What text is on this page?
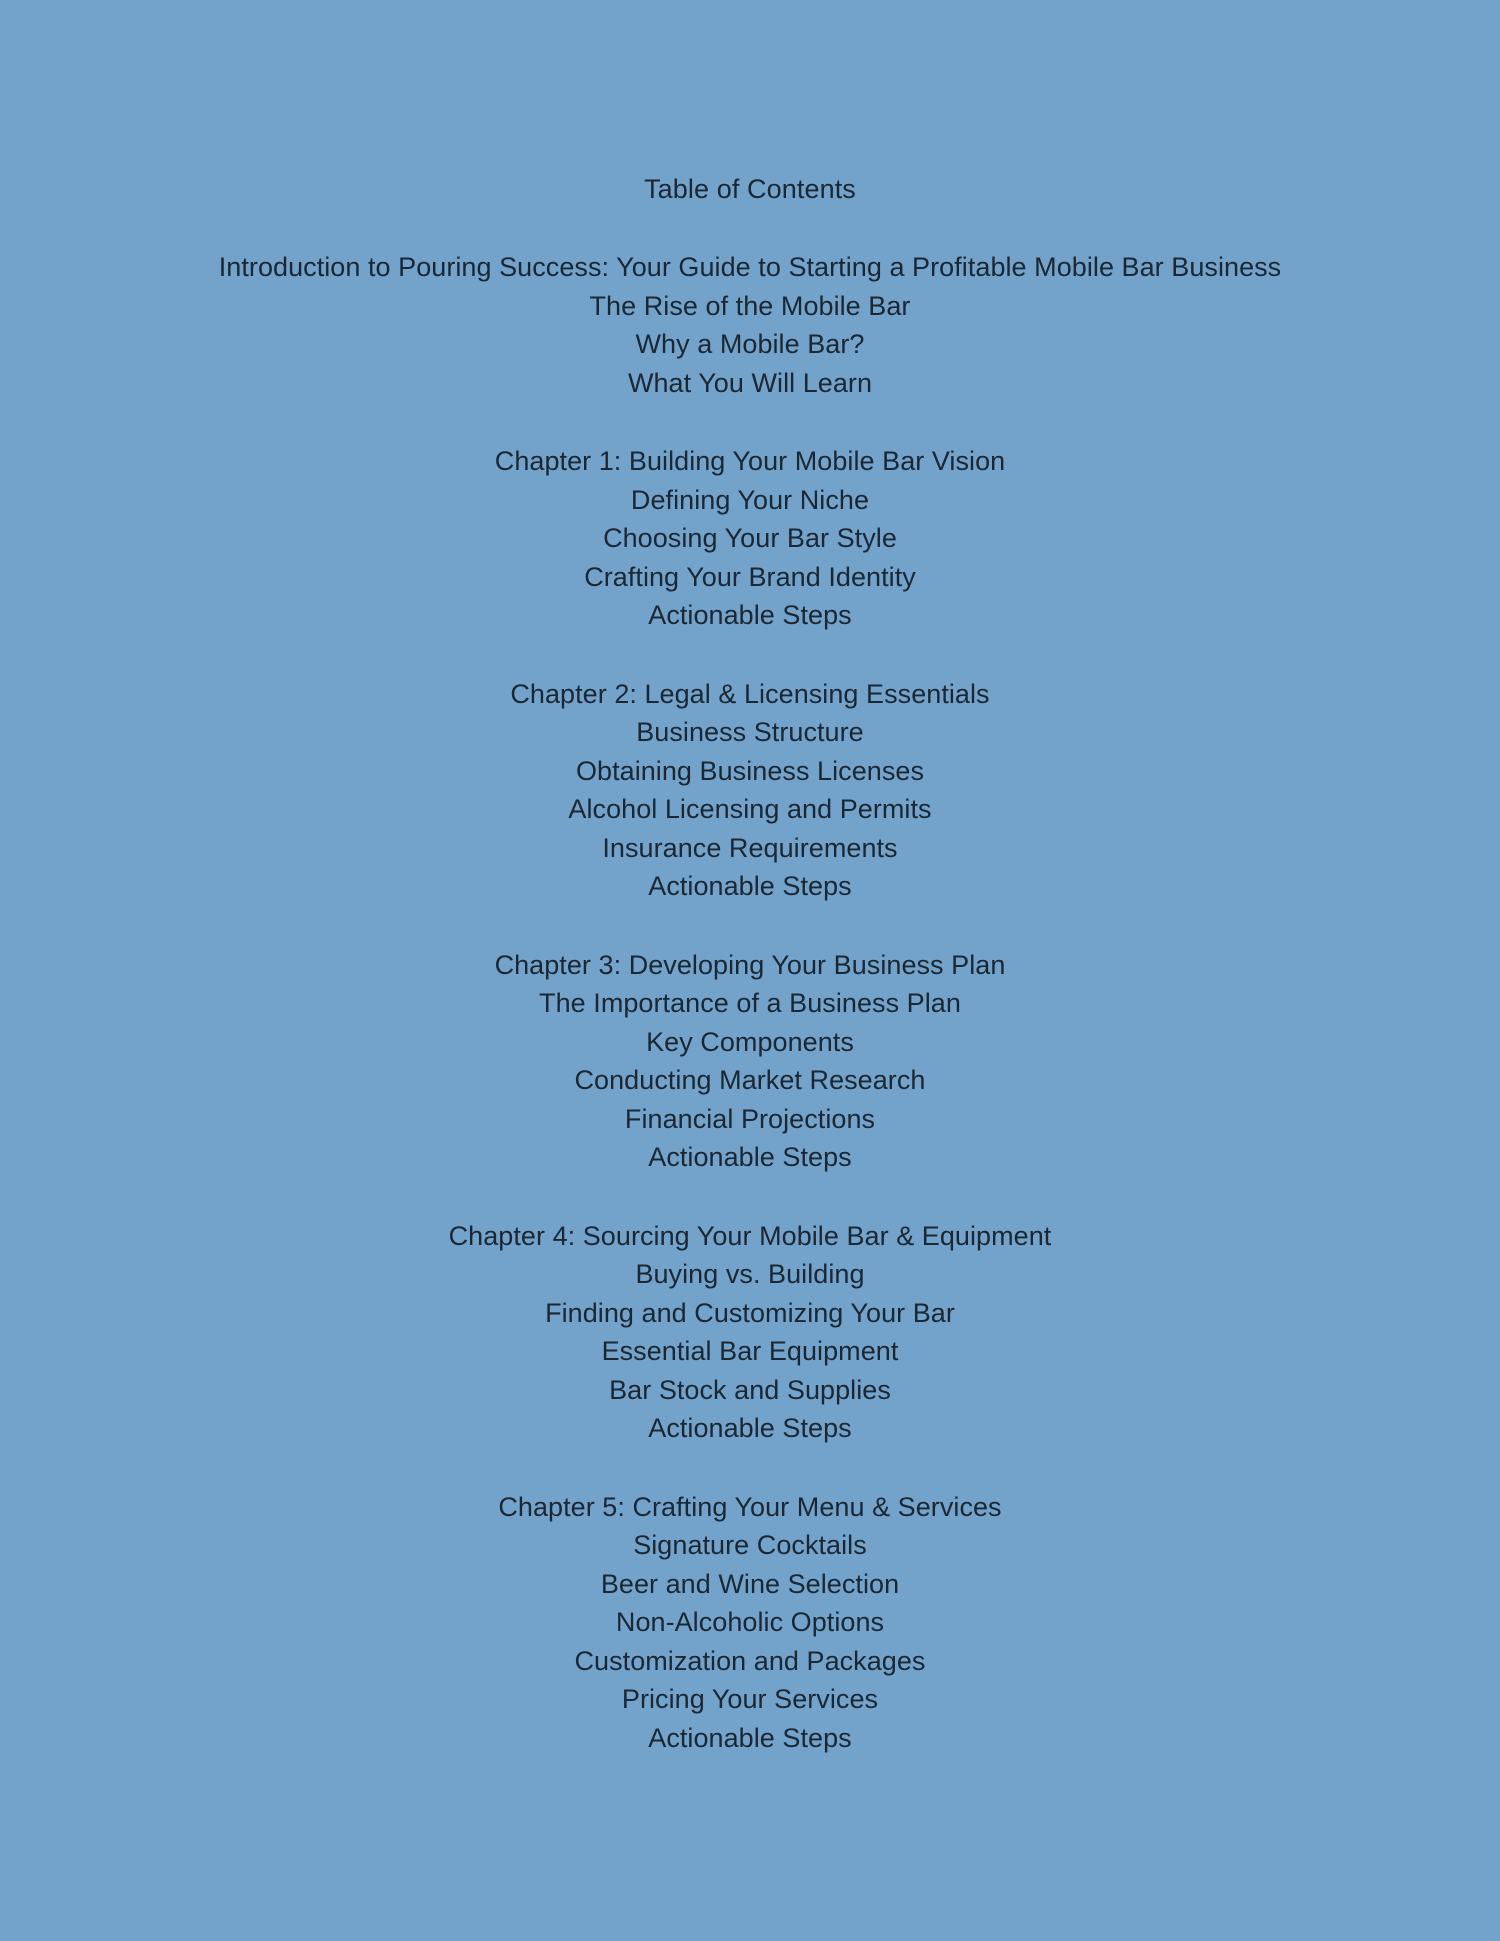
Table of Contents
Introduction to Pouring Success: Your Guide to Starting a Profitable Mobile Bar Business
The Rise of the Mobile Bar
Why a Mobile Bar?
What You Will Learn
Chapter 1: Building Your Mobile Bar Vision
Defining Your Niche
Choosing Your Bar Style
Crafting Your Brand Identity
Actionable Steps
Chapter 2: Legal & Licensing Essentials
Business Structure
Obtaining Business Licenses
Alcohol Licensing and Permits
Insurance Requirements
Actionable Steps
Chapter 3: Developing Your Business Plan
The Importance of a Business Plan
Key Components
Conducting Market Research
Financial Projections
Actionable Steps
Chapter 4: Sourcing Your Mobile Bar & Equipment
Buying vs. Building
Finding and Customizing Your Bar
Essential Bar Equipment
Bar Stock and Supplies
Actionable Steps
Chapter 5: Crafting Your Menu & Services
Signature Cocktails
Beer and Wine Selection
Non-Alcoholic Options
Customization and Packages
Pricing Your Services
Actionable Steps
